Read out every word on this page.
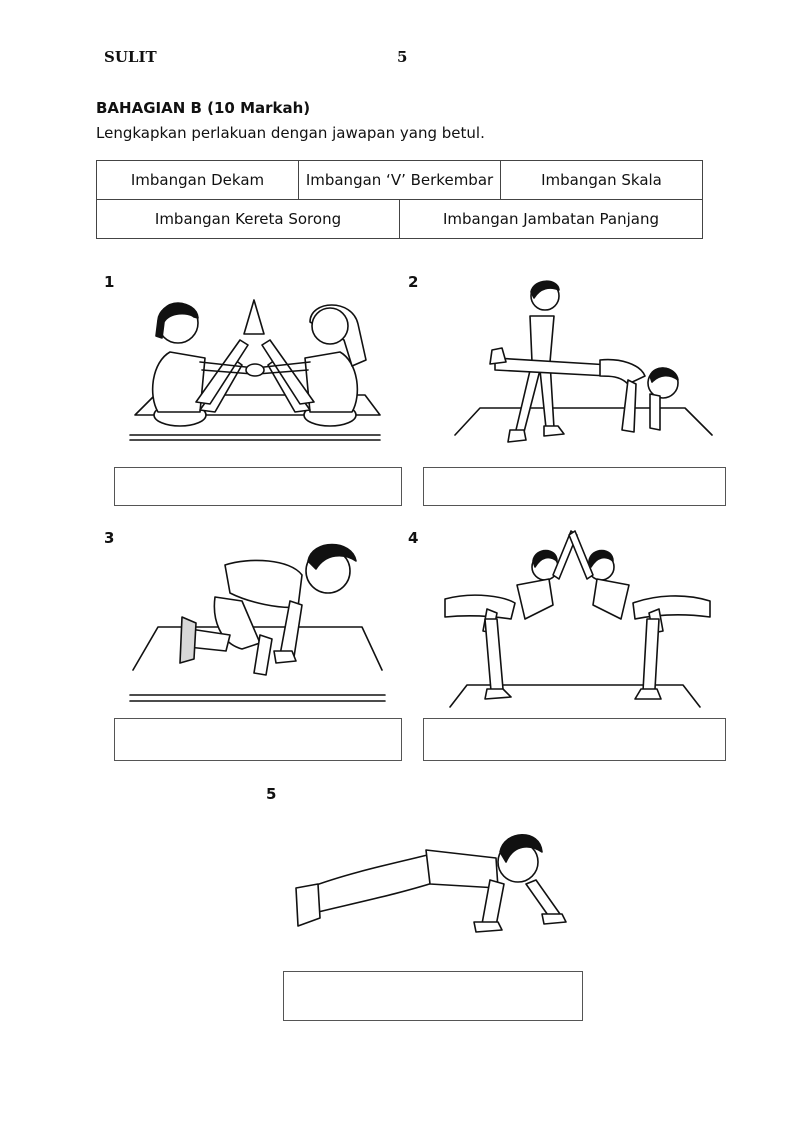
SULIT	5
BAHAGIAN B (10 Markah)
Lengkapkan perlakuan dengan jawapan yang betul.
Imbangan Dekam	Imbangan ‘V’ Berkembar		Imbangan Skala
Imbangan Kereta Sorong		Imbangan Jambatan Panjang	
1	2
3	4
5
